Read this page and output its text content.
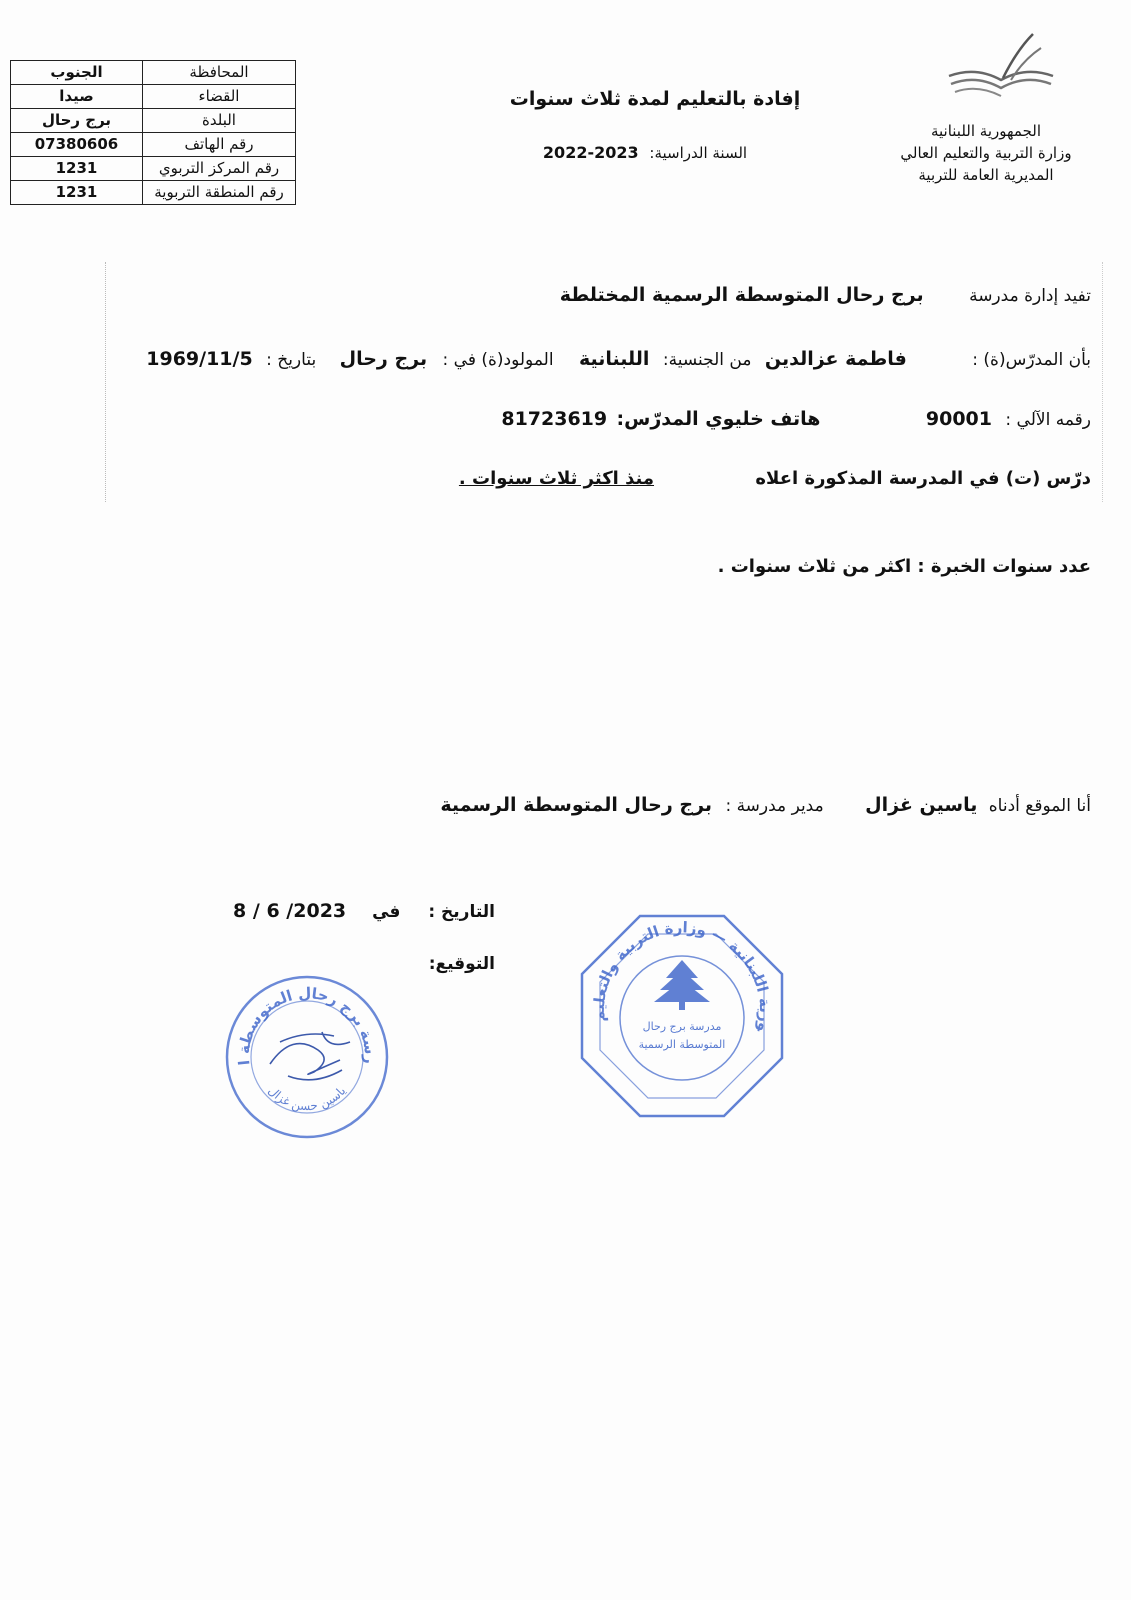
الجمهورية اللبنانية
وزارة التربية والتعليم العالي
المديرية العامة للتربية
إفادة بالتعليم لمدة ثلاث سنوات
السنة الدراسية: 2023-2022
المحافظة	الجنوب
القضاء	صيدا
البلدة	برج رحال
رقم الهاتف	07380606
رقم المركز التربوي	1231
رقم المنطقة التربوية	1231
تفيد إدارة مدرسة برج رحال المتوسطة الرسمية المختلطة
بأن المدرّس(ة) : فاطمة عزالدين من الجنسية: اللبنانية المولود(ة) في : برج رحال بتاريخ : 1969/11/5
رقمه الآلي : 90001 هاتف خليوي المدرّس: 81723619
درّس (ت) في المدرسة المذكورة اعلاه منذ اكثر ثلاث سنوات .
عدد سنوات الخبرة : اكثر من ثلاث سنوات .
أنا الموقع أدناه ياسين غزال مدير مدرسة : برج رحال المتوسطة الرسمية
التاريخ : في 2023/ 6 / 8
التوقيع:
رسة برج رحال المتوسطة ا
ياسين حسن غزال
ورية اللبنانية — وزارة التربية والتعليم
مدرسة برج رحال
المتوسطة الرسمية
